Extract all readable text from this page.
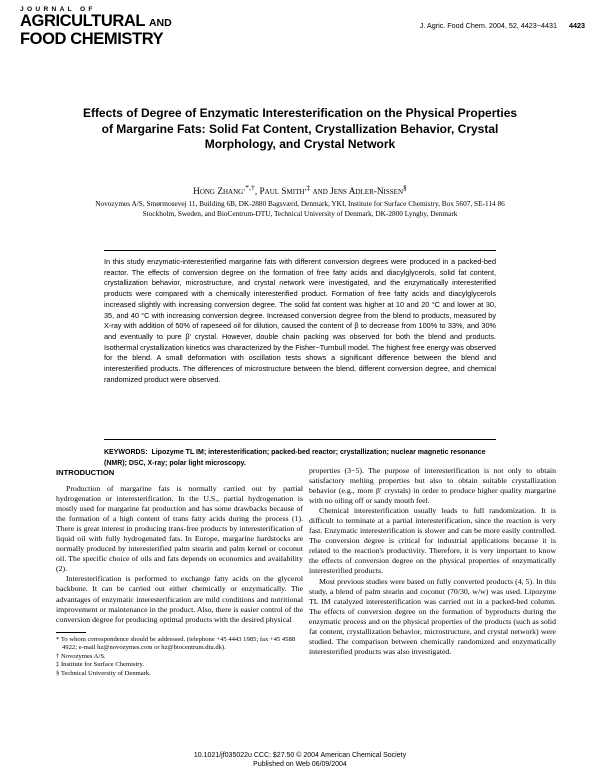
JOURNAL OF
AGRICULTURAL AND
FOOD CHEMISTRY
J. Agric. Food Chem. 2004, 52, 4423−4431 4423
Effects of Degree of Enzymatic Interesterification on the Physical Properties of Margarine Fats: Solid Fat Content, Crystallization Behavior, Crystal Morphology, and Crystal Network
Hong Zhang,*,†, Paul Smith,‡ and Jens Adler-Nissen§
Novozymes A/S, Smørmosevej 11, Building 6B, DK-2880 Bagsværd, Denmark, YKI, Institute for Surface Chemistry, Box 5607, SE-114 86 Stockholm, Sweden, and BioCentrum-DTU, Technical University of Denmark, DK-2800 Lyngby, Denmark
In this study enzymatic-interesterified margarine fats with different conversion degrees were produced in a packed-bed reactor. The effects of conversion degree on the formation of free fatty acids and diacylglycerols, solid fat content, crystallization behavior, microstructure, and crystal network were investigated, and the enzymatically interesterified products were compared with a chemically interesterified product. Formation of free fatty acids and diacylglycerols increased slightly with increasing conversion degree. The solid fat content was higher at 10 and 20 °C and lower at 30, 35, and 40 °C with increasing conversion degree. Increased conversion degree from the blend to products, measured by X-ray with addition of 50% of rapeseed oil for dilution, caused the content of β to decrease from 100% to 33%, and 30% and eventually to pure β′ crystal. However, double chain packing was observed for both the blend and products. Isothermal crystallization kinetics was characterized by the Fisher−Turnbull model. The highest free energy was observed for the blend. A small deformation with oscillation tests shows a significant difference between the blend and interesterified products. The differences of microstructure between the blend, different conversion degree, and chemical randomized product were observed.
KEYWORDS: Lipozyme TL IM; interesterification; packed-bed reactor; crystallization; nuclear magnetic resonance (NMR); DSC, X-ray; polar light microscopy.
INTRODUCTION

Production of margarine fats is normally carried out by partial hydrogenation or interesterification. In the U.S., partial hydrogenation is mostly used for margarine fat production and has some drawbacks because of the formation of a high content of trans fatty acids during the process (1). There is great interest in producing trans-free products by interesterification of liquid oil with fully hydrogenated fats. In Europe, margarine hardstocks are normally produced by interesterified palm stearin and palm kernel or coconut oil. The specific choice of oils and fats depends on economics and availability (2).

Interesterification is performed to exchange fatty acids on the glycerol backbone. It can be carried out either chemically or enzymatically. The advantages of enzymatic interesterification are mild conditions and nutritional improvement or maintenance in the product. Also, there is easier control of the conversion degree for producing optimal products with the desired physical

properties (3−5). The purpose of interesterification is not only to obtain satisfactory melting properties but also to obtain suitable crystallization behavior (e.g., more β′ crystals) in order to produce higher quality margarine with no oiling off or sandy mouth feel.

Chemical interesterification usually leads to full randomization. It is difficult to terminate at a partial interesterification, since the reaction is very fast. Enzymatic interesterification is slower and can be more easily controlled. The conversion degree is critical for industrial applications because it is related to the reaction's productivity. Therefore, it is very important to know the effects of conversion degree on the physical properties of enzymatically interesterified products.

Most previous studies were based on fully converted products (4, 5). In this study, a blend of palm stearin and coconut (70/30, w/w) was used. Lipozyme TL IM catalyzed interesterification was carried out in a packed-bed column. The effects of conversion degree on the formation of byproducts during the enzymatic process and on the physical properties of the products (such as solid fat content, crystallization behavior, microstructure, and crystal network) were studied. The comparison between chemically randomized and enzymatically interesterified products was also investigated.

* To whom correspondence should be addressed. (telephone +45 4443 1985; fax +45 4588 4922; e-mail hz@novozymes.com or hz@biocentrum.dtu.dk).
† Novozymes A/S.
‡ Institute for Surface Chemistry.
§ Technical University of Denmark.
10.1021/jf035022u CCC: $27.50 © 2004 American Chemical Society
Published on Web 06/09/2004
